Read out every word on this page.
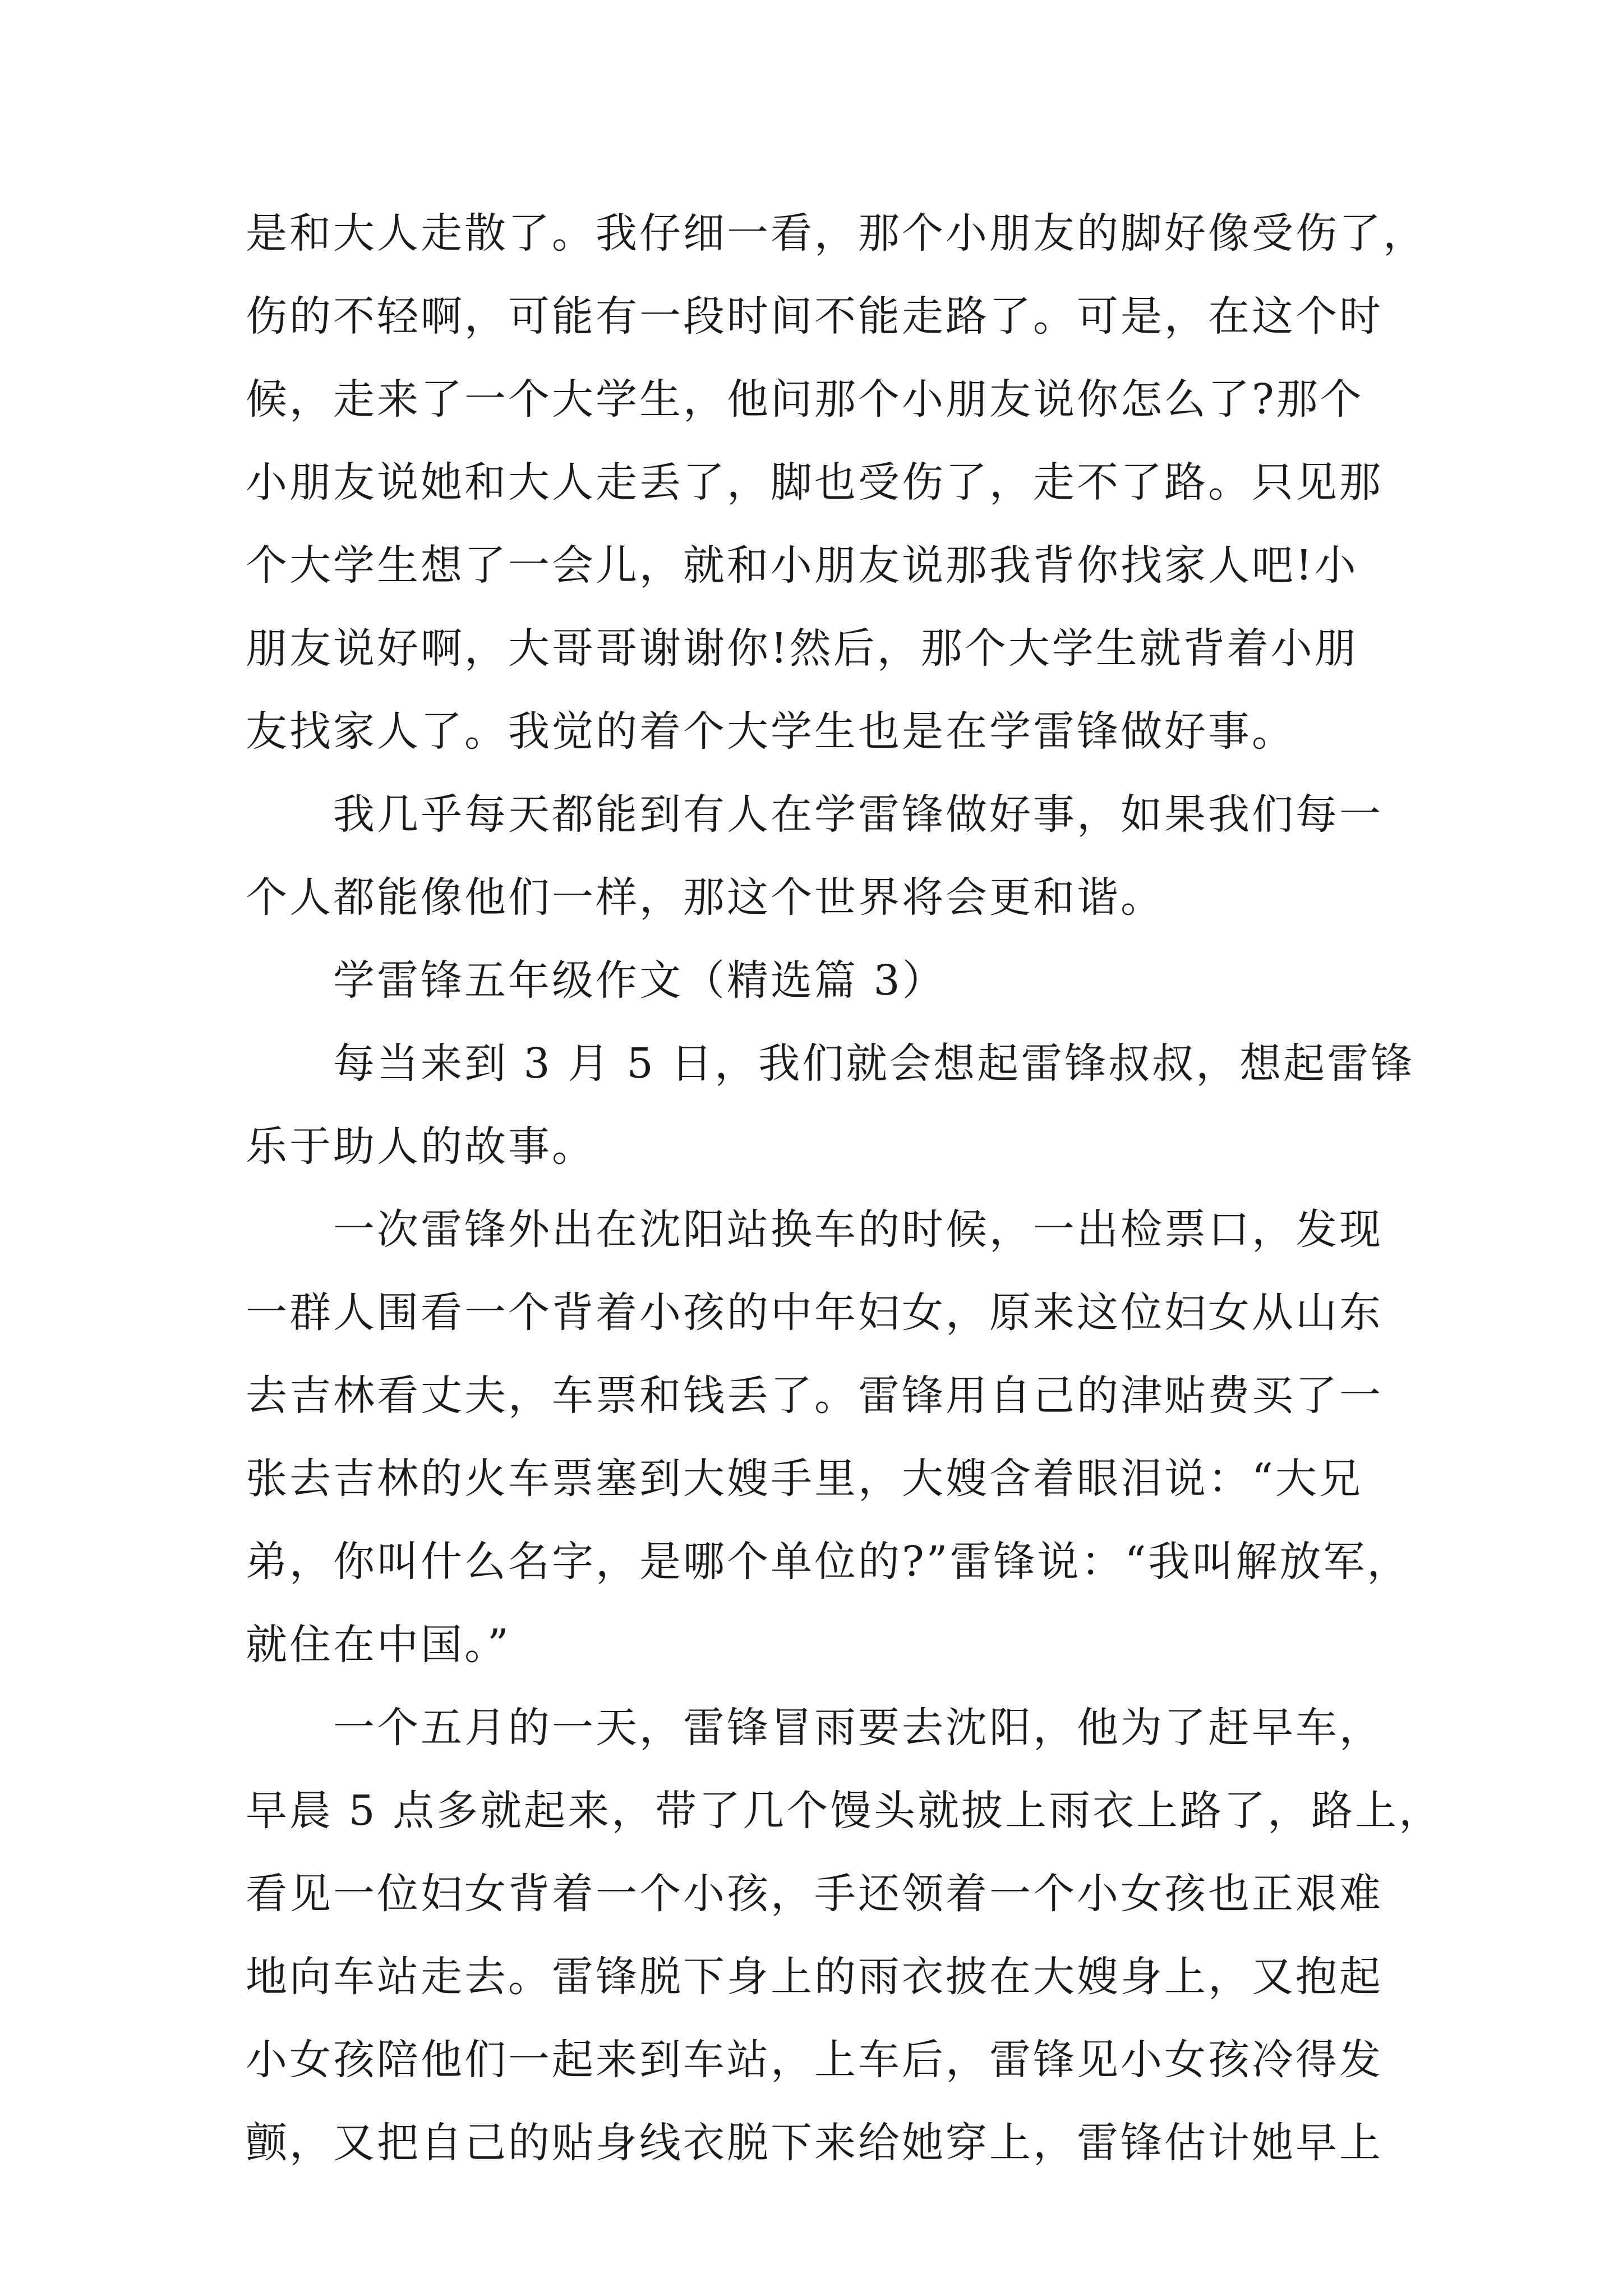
是和大人走散了。我仔细一看，那个小朋友的脚好像受伤了，
伤的不轻啊，可能有一段时间不能走路了。可是，在这个时
候，走来了一个大学生，他问那个小朋友说你怎么了?那个
小朋友说她和大人走丢了，脚也受伤了，走不了路。只见那
个大学生想了一会儿，就和小朋友说那我背你找家人吧!小
朋友说好啊，大哥哥谢谢你!然后，那个大学生就背着小朋
友找家人了。我觉的着个大学生也是在学雷锋做好事。
我几乎每天都能到有人在学雷锋做好事，如果我们每一
个人都能像他们一样，那这个世界将会更和谐。
学雷锋五年级作文（精选篇 3）
每当来到 3 月 5 日，我们就会想起雷锋叔叔，想起雷锋
乐于助人的故事。
一次雷锋外出在沈阳站换车的时候，一出检票口，发现
一群人围看一个背着小孩的中年妇女，原来这位妇女从山东
去吉林看丈夫，车票和钱丢了。雷锋用自己的津贴费买了一
张去吉林的火车票塞到大嫂手里，大嫂含着眼泪说：“大兄
弟，你叫什么名字，是哪个单位的?”雷锋说：“我叫解放军，
就住在中国。”
一个五月的一天，雷锋冒雨要去沈阳，他为了赶早车，
早晨 5 点多就起来，带了几个馒头就披上雨衣上路了，路上，
看见一位妇女背着一个小孩，手还领着一个小女孩也正艰难
地向车站走去。雷锋脱下身上的雨衣披在大嫂身上，又抱起
小女孩陪他们一起来到车站，上车后，雷锋见小女孩冷得发
颤，又把自己的贴身线衣脱下来给她穿上，雷锋估计她早上
